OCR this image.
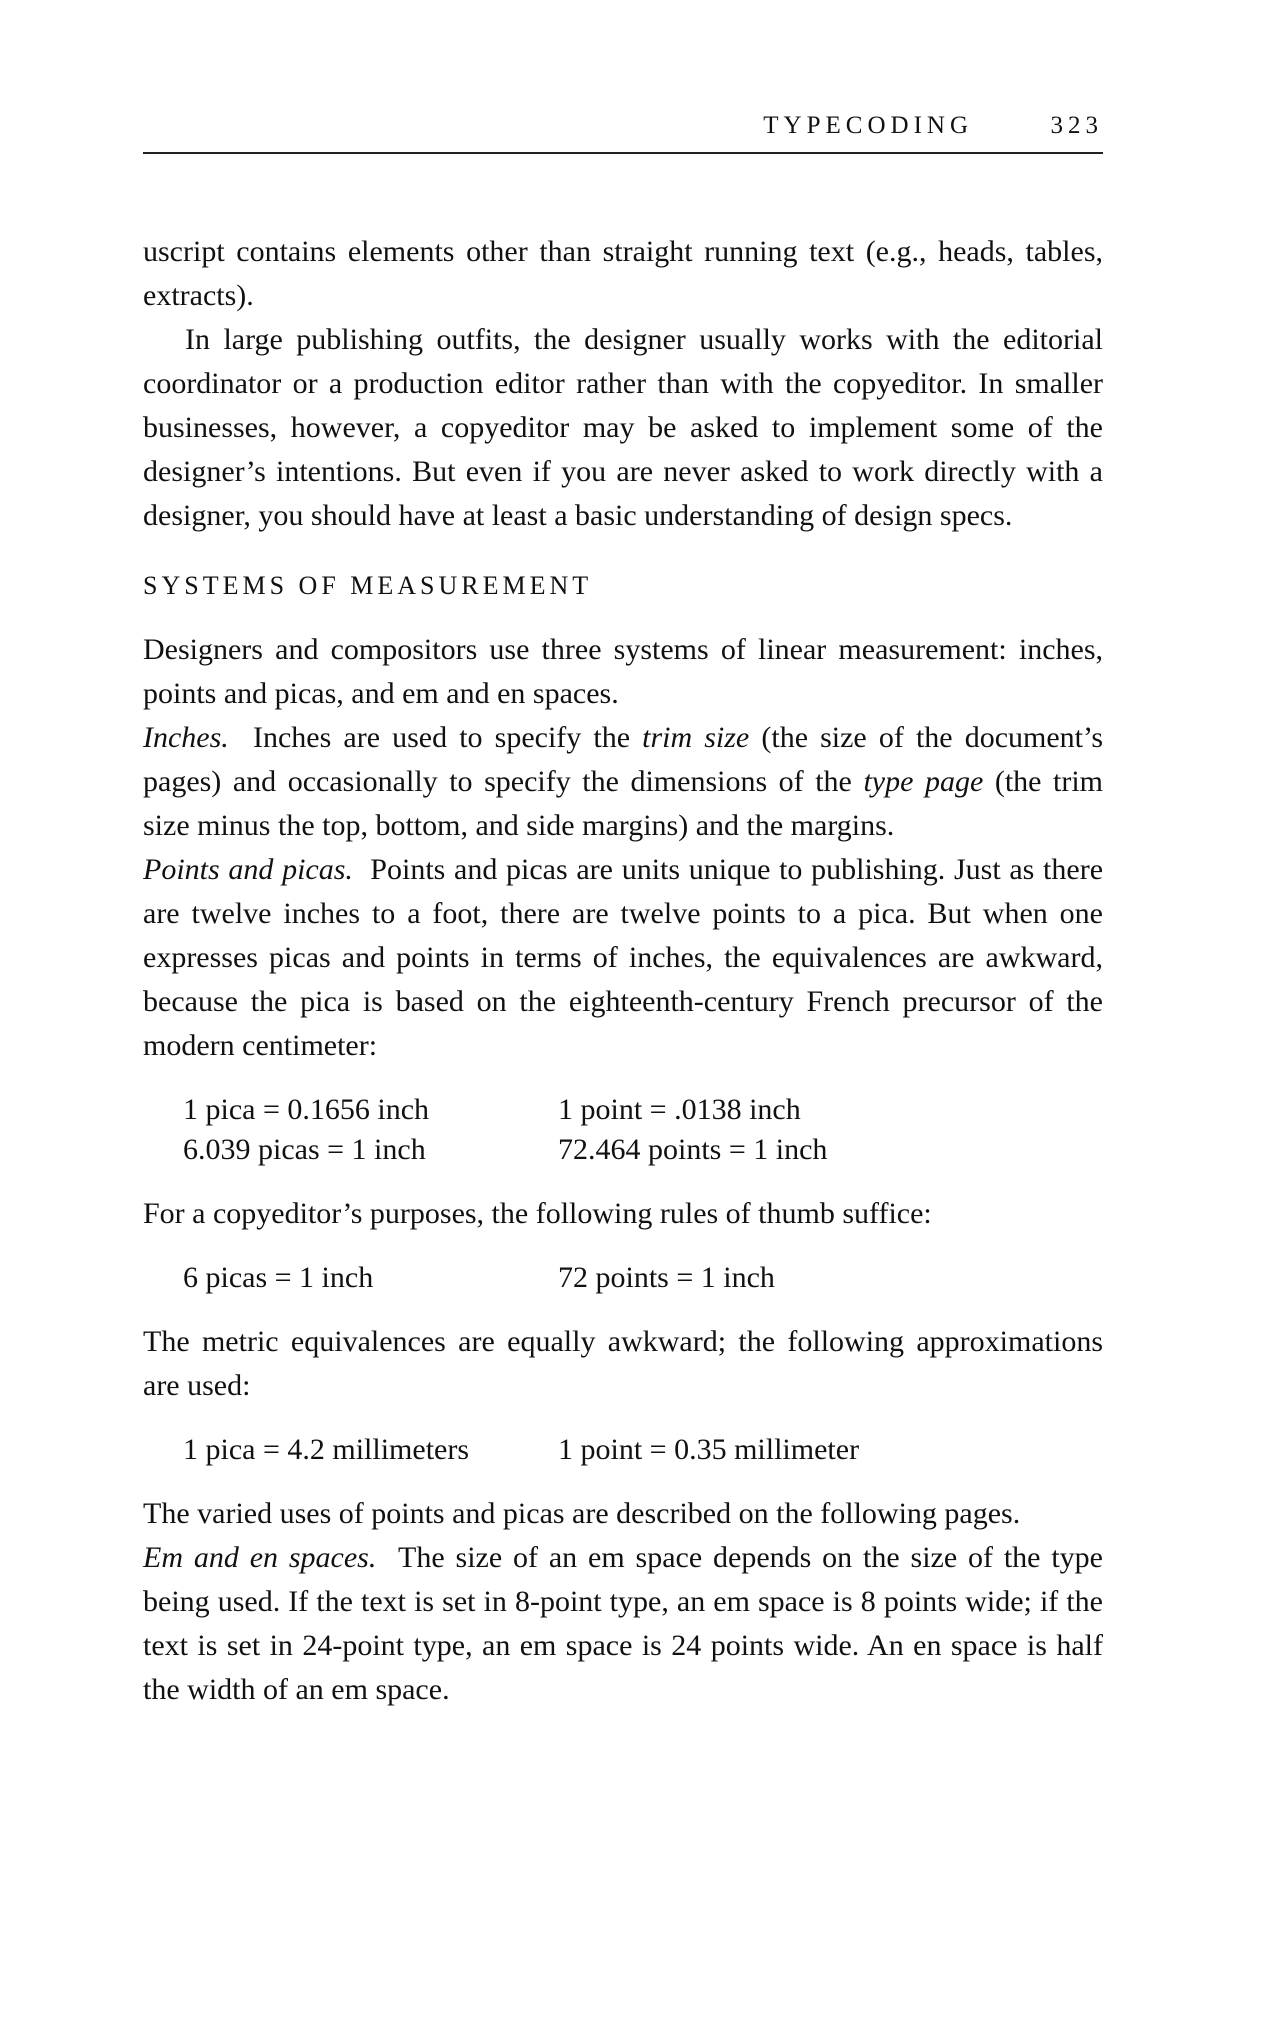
TYPECODING	323

uscript contains elements other than straight running text (e.g., heads, tables, extracts).

In large publishing outfits, the designer usually works with the editorial coordinator or a production editor rather than with the copyeditor. In smaller businesses, however, a copyeditor may be asked to implement some of the designer’s intentions. But even if you are never asked to work directly with a designer, you should have at least a basic understanding of design specs.

SYSTEMS OF MEASUREMENT

Designers and compositors use three systems of linear measurement: inches, points and picas, and em and en spaces.

Inches. Inches are used to specify the trim size (the size of the document’s pages) and occasionally to specify the dimensions of the type page (the trim size minus the top, bottom, and side margins) and the margins.

Points and picas. Points and picas are units unique to publishing. Just as there are twelve inches to a foot, there are twelve points to a pica. But when one expresses picas and points in terms of inches, the equivalences are awkward, because the pica is based on the eighteenth-century French precursor of the modern centimeter:

1 pica = 0.1656 inch	1 point = .0138 inch
6.039 picas = 1 inch	72.464 points = 1 inch

For a copyeditor’s purposes, the following rules of thumb suffice:

6 picas = 1 inch	72 points = 1 inch

The metric equivalences are equally awkward; the following approximations are used:

1 pica = 4.2 millimeters	1 point = 0.35 millimeter

The varied uses of points and picas are described on the following pages.

Em and en spaces. The size of an em space depends on the size of the type being used. If the text is set in 8-point type, an em space is 8 points wide; if the text is set in 24-point type, an em space is 24 points wide. An en space is half the width of an em space.
